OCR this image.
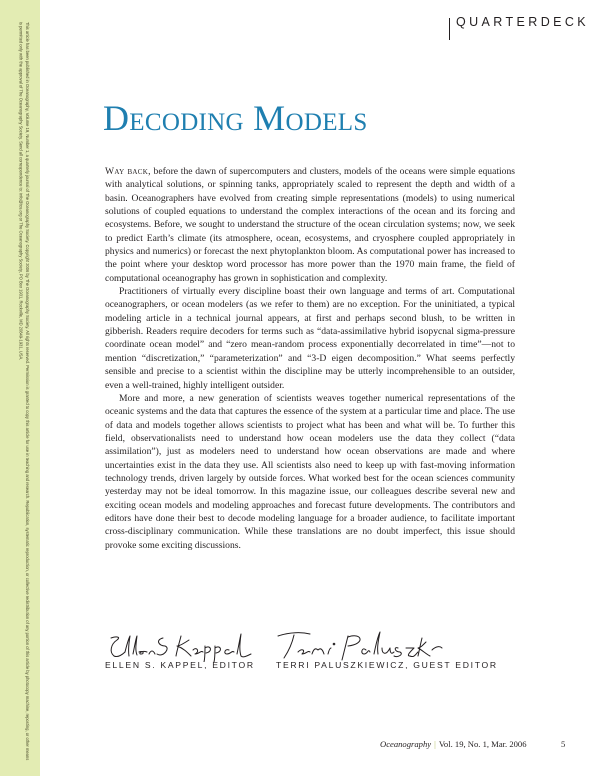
This article has been published in Oceanography, Volume 19, Number 1, a quarterly journal of The Oceanography Society. Copyright 2006 by The Oceanography Society. All rights reserved. Permission is granted to copy this article for use in teaching and research. Republication, systematic reproduction, or collective redistribution of any portion of this article by photocopy machine, reposting, or other means is permitted only with the approval of The Oceanography Society. Send all correspondence to: info@tos.org or The Oceanography Society, PO Box 1931, Rockville, MD 20849-1931, USA.	QUARTERDECK
Decoding Models

Way back, before the dawn of supercomputers and clusters, models of the oceans were simple equations with analytical solutions, or spinning tanks, appropriately scaled to represent the depth and width of a basin. Oceanographers have evolved from creating simple representations (models) to using numerical solutions of coupled equations to understand the complex interactions of the ocean and its forcing and ecosystems. Before, we sought to understand the structure of the ocean circulation systems; now, we seek to predict Earth’s climate (its atmosphere, ocean, ecosystems, and cryosphere coupled appropriately in physics and numerics) or forecast the next phytoplankton bloom. As computational power has increased to the point where your desktop word processor has more power than the 1970 main frame, the field of computational oceanography has grown in sophistication and complexity.

Practitioners of virtually every discipline boast their own language and terms of art. Computational oceanographers, or ocean modelers (as we refer to them) are no exception. For the uninitiated, a typical modeling article in a technical journal appears, at first and perhaps second blush, to be written in gibberish. Readers require decoders for terms such as “data-assimilative hybrid isopycnal sigma-pressure coordinate ocean model” and “zero mean-random process exponentially decorrelated in time”—not to mention “discretization,” “parameterization” and “3-D eigen decomposition.” What seems perfectly sensible and precise to a scientist within the discipline may be utterly incomprehensible to an outsider, even a well-trained, highly intelligent outsider.

More and more, a new generation of scientists weaves together numerical representations of the oceanic systems and the data that captures the essence of the system at a particular time and place. The use of data and models together allows scientists to project what has been and what will be. To further this field, observationalists need to understand how ocean modelers use the data they collect (“data assimilation”), just as modelers need to understand how ocean observations are made and where uncertainties exist in the data they use. All scientists also need to keep up with fast-moving information technology trends, driven largely by outside forces. What worked best for the ocean sciences community yesterday may not be ideal tomorrow. In this magazine issue, our colleagues describe several new and exciting ocean models and modeling approaches and forecast future developments. The contributors and editors have done their best to decode modeling language for a broader audience, to facilitate important cross-disciplinary communication. While these translations are no doubt imperfect, this issue should provoke some exciting discussions.

ELLEN S. KAPPEL, EDITOR TERRI PALUSZKIEWICZ, GUEST EDITOR
Oceanography | Vol. 19, No. 1, Mar. 2006	5
